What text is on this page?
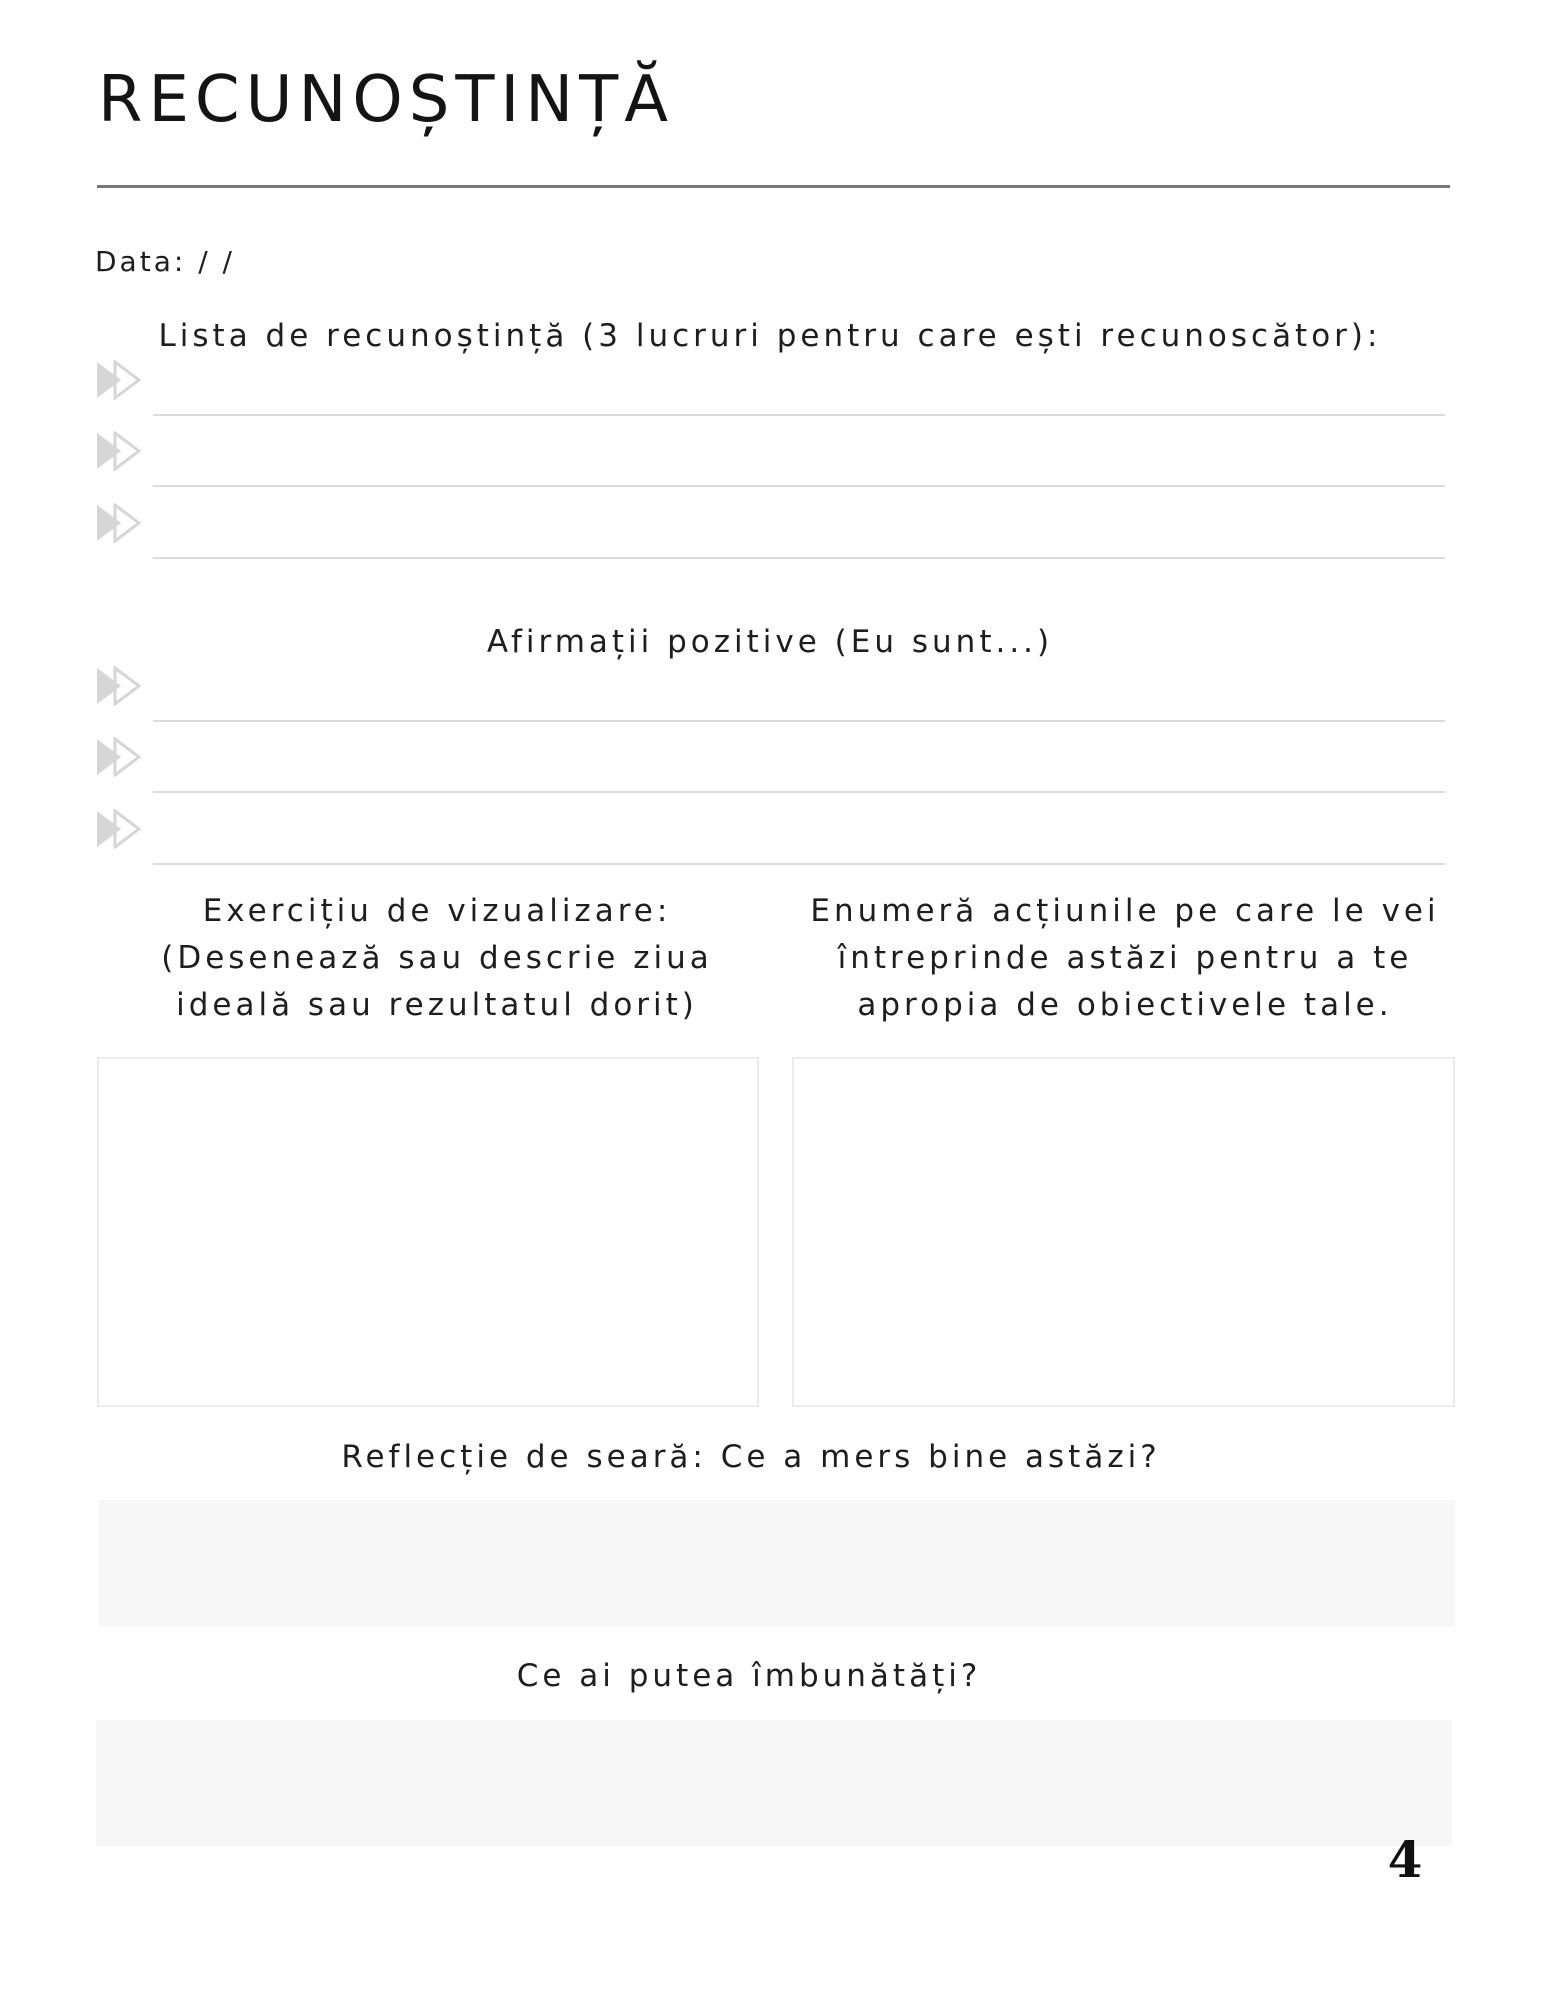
RECUNOȘTINȚĂ
Data: / /
Lista de recunoștință (3 lucruri pentru care ești recunoscător):
Afirmații pozitive (Eu sunt...)
Exercițiu de vizualizare:
(Desenează sau descrie ziua
ideală sau rezultatul dorit)
Enumeră acțiunile pe care le vei
întreprinde astăzi pentru a te
apropia de obiectivele tale.
Reflecție de seară: Ce a mers bine astăzi?
Ce ai putea îmbunătăți?
4
